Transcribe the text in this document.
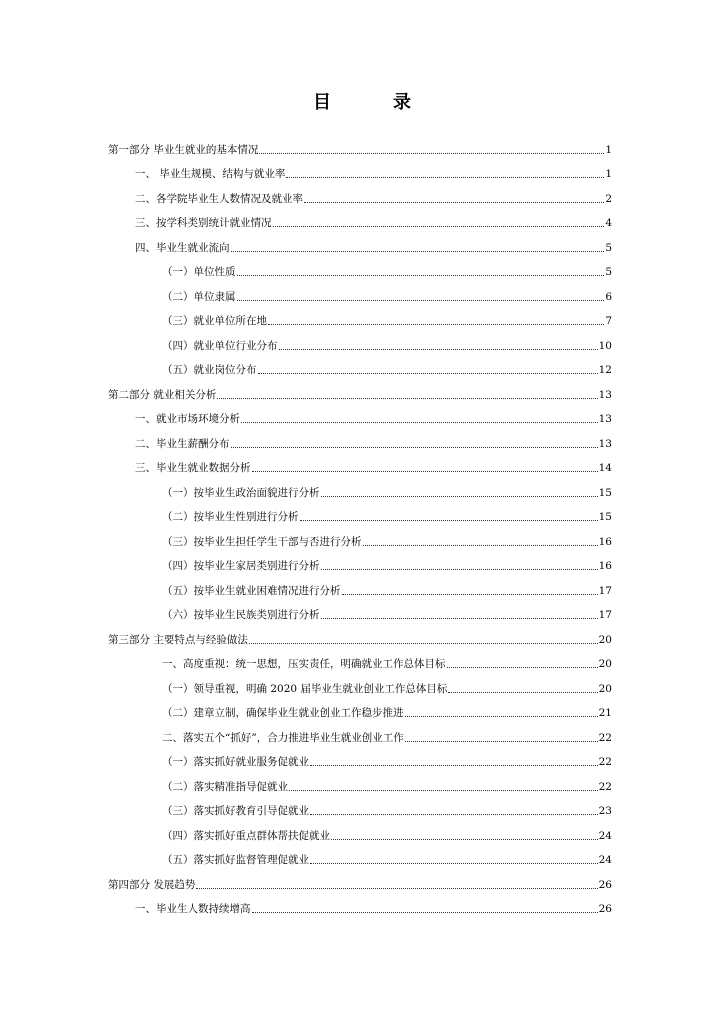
目　录
第一部分 毕业生就业的基本情况	1
一、 毕业生规模、结构与就业率	1
二、各学院毕业生人数情况及就业率	2
三、按学科类别统计就业情况	4
四、毕业生就业流向	5
（一）单位性质	5
（二）单位隶属	6
（三）就业单位所在地	7
（四）就业单位行业分布	10
（五）就业岗位分布	12
第二部分 就业相关分析	13
一、就业市场环境分析	13
二、毕业生薪酬分布	13
三、毕业生就业数据分析	14
（一）按毕业生政治面貌进行分析	15
（二）按毕业生性别进行分析	15
（三）按毕业生担任学生干部与否进行分析	16
（四）按毕业生家居类别进行分析	16
（五）按毕业生就业困难情况进行分析	17
（六）按毕业生民族类别进行分析	17
第三部分 主要特点与经验做法	20
一、高度重视：统一思想，压实责任，明确就业工作总体目标	20
（一）领导重视，明确 2020 届毕业生就业创业工作总体目标	20
（二）建章立制，确保毕业生就业创业工作稳步推进	21
二、落实五个“抓好”，合力推进毕业生就业创业工作	22
（一）落实抓好就业服务促就业	22
（二）落实精准指导促就业	22
（三）落实抓好教育引导促就业	23
（四）落实抓好重点群体帮扶促就业	24
（五）落实抓好监督管理促就业	24
第四部分 发展趋势	26
一、毕业生人数持续增高	26
